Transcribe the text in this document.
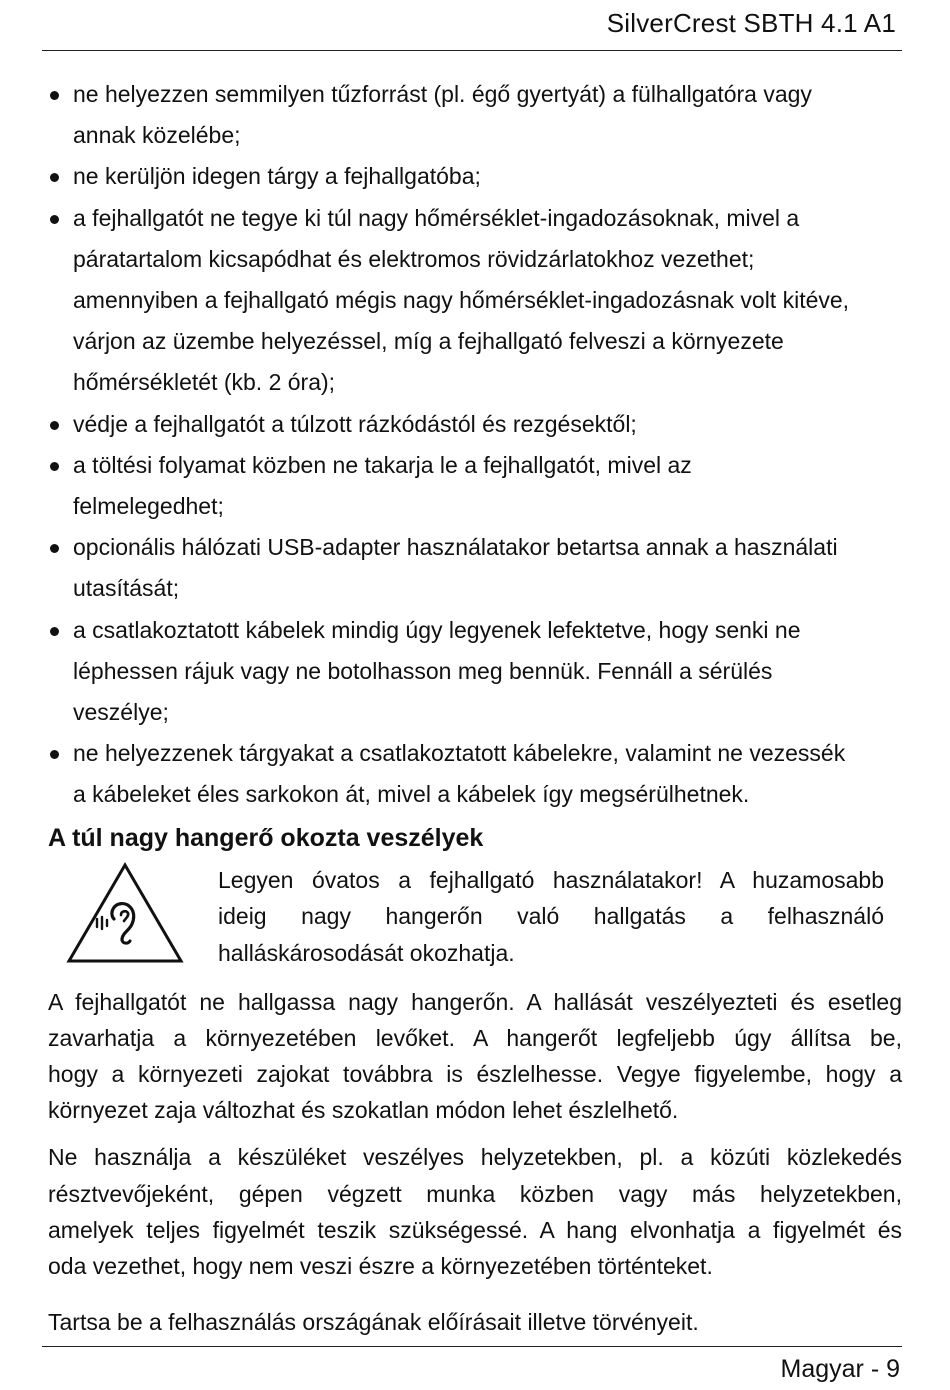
SilverCrest SBTH 4.1 A1
ne helyezzen semmilyen tűzforrást (pl. égő gyertyát) a fülhallgatóra vagy
annak közelébe;
ne kerüljön idegen tárgy a fejhallgatóba;
a fejhallgatót ne tegye ki túl nagy hőmérséklet-ingadozásoknak, mivel a
páratartalom kicsapódhat és elektromos rövidzárlatokhoz vezethet;
amennyiben a fejhallgató mégis nagy hőmérséklet-ingadozásnak volt kitéve,
várjon az üzembe helyezéssel, míg a fejhallgató felveszi a környezete
hőmérsékletét (kb. 2 óra);
védje a fejhallgatót a túlzott rázkódástól és rezgésektől;
a töltési folyamat közben ne takarja le a fejhallgatót, mivel az
felmelegedhet;
opcionális hálózati USB-adapter használatakor betartsa annak a használati
utasítását;
a csatlakoztatott kábelek mindig úgy legyenek lefektetve, hogy senki ne
léphessen rájuk vagy ne botolhasson meg bennük. Fennáll a sérülés
veszélye;
ne helyezzenek tárgyakat a csatlakoztatott kábelekre, valamint ne vezessék
a kábeleket éles sarkokon át, mivel a kábelek így megsérülhetnek.
A túl nagy hangerő okozta veszélyek
Legyen óvatos a fejhallgató használatakor! A huzamosabb
ideig nagy hangerőn való hallgatás a felhasználó
halláskárosodását okozhatja.

A fejhallgatót ne hallgassa nagy hangerőn. A hallását veszélyezteti és esetleg
zavarhatja a környezetében levőket. A hangerőt legfeljebb úgy állítsa be,
hogy a környezeti zajokat továbbra is észlelhesse. Vegye figyelembe, hogy a
környezet zaja változhat és szokatlan módon lehet észlelhető.

Ne használja a készüléket veszélyes helyzetekben, pl. a közúti közlekedés
résztvevőjeként, gépen végzett munka közben vagy más helyzetekben,
amelyek teljes figyelmét teszik szükségessé. A hang elvonhatja a figyelmét és
oda vezethet, hogy nem veszi észre a környezetében történteket.

Tartsa be a felhasználás országának előírásait illetve törvényeit.

Magyar - 9
